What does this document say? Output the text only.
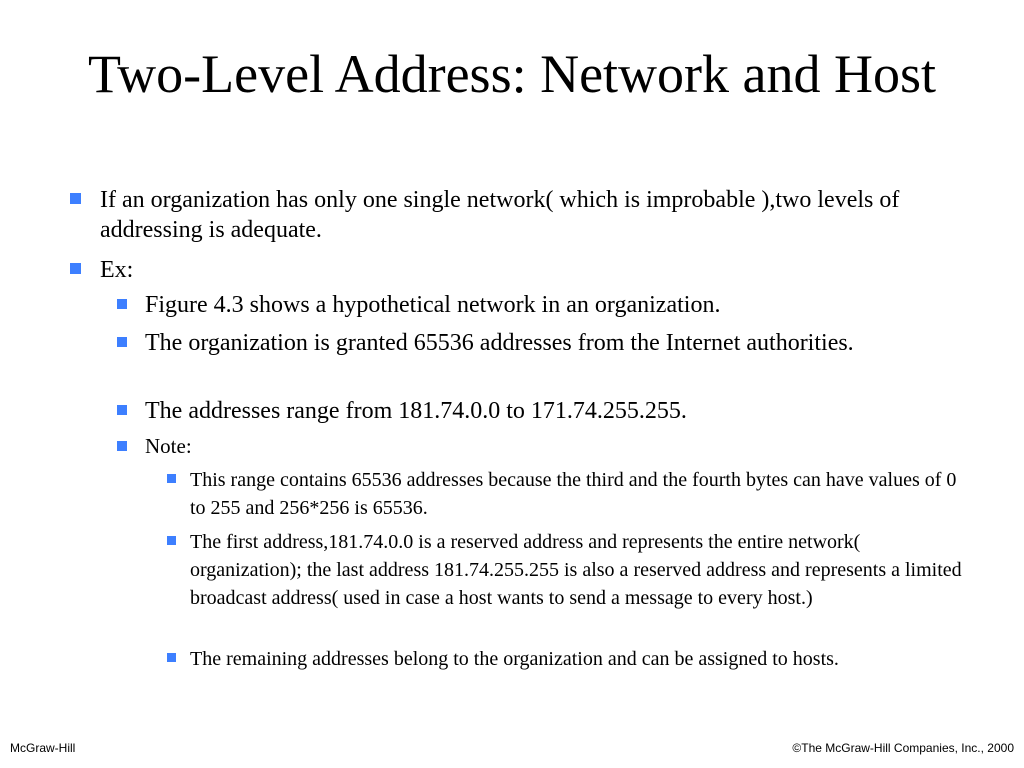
Two-Level Address: Network and Host
If an organization has only one single network( which is improbable ),two levels of addressing is adequate.
Ex:
Figure 4.3 shows a hypothetical network in an organization.
The organization is granted 65536 addresses from the Internet authorities.
The addresses range from 181.74.0.0 to 171.74.255.255.
Note:
This range contains 65536 addresses because the third and the fourth bytes can have values of 0 to 255 and 256*256 is 65536.
The first address,181.74.0.0 is a reserved address and represents the entire network( organization); the last address 181.74.255.255 is also a reserved address and represents a limited broadcast address( used in case a host wants to send a message to every host.)
The remaining addresses belong to the organization and can be assigned to hosts.
McGraw-Hill	©The McGraw-Hill Companies, Inc., 2000
